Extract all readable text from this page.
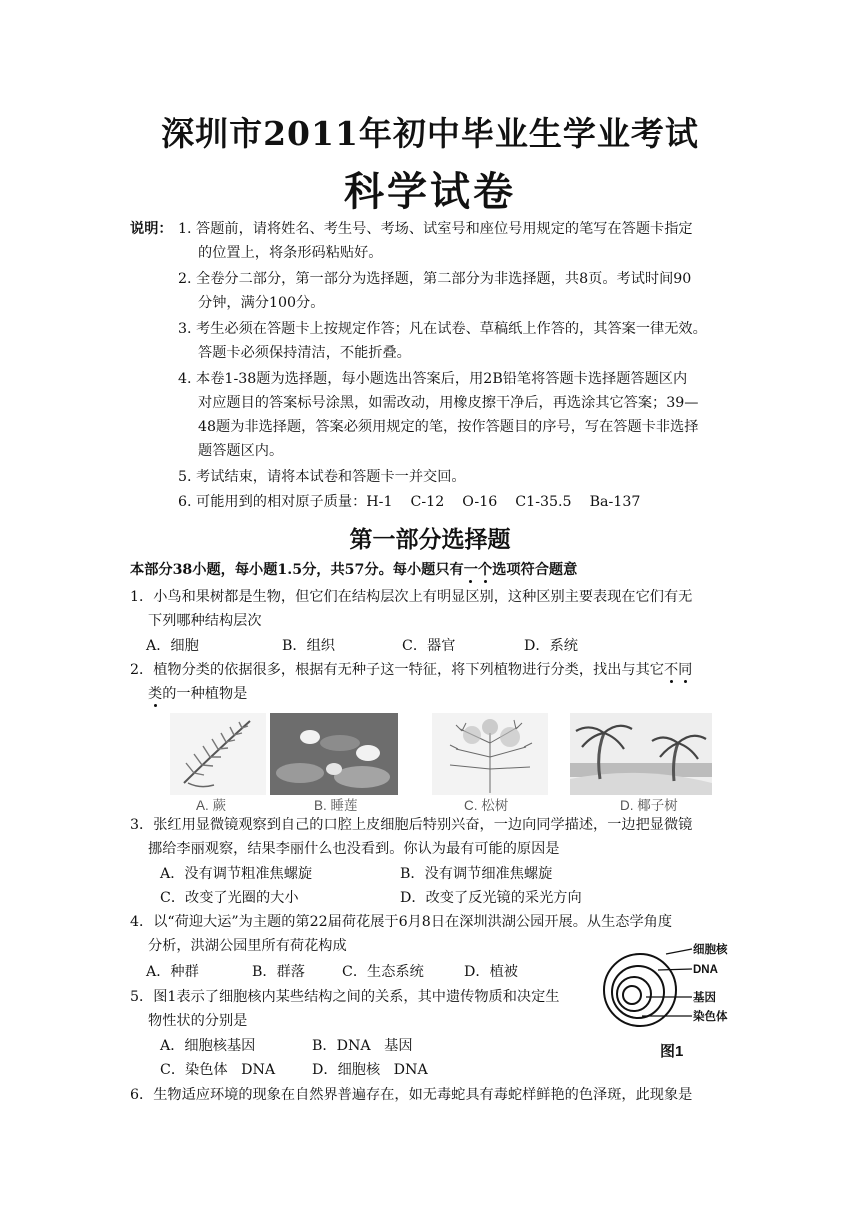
深圳市2011年初中毕业生学业考试
科学试卷
说明： 1. 答题前，请将姓名、考生号、考场、试室号和座位号用规定的笔写在答题卡指定
的位置上，将条形码粘贴好。
2. 全卷分二部分，第一部分为选择题，第二部分为非选择题，共8页。考试时间90
分钟，满分100分。
3. 考生必须在答题卡上按规定作答；凡在试卷、草稿纸上作答的，其答案一律无效。
答题卡必须保持清洁，不能折叠。
4. 本卷1-38题为选择题，每小题选出答案后，用2B铅笔将答题卡选择题答题区内
对应题目的答案标号涂黑，如需改动，用橡皮擦干净后，再选涂其它答案；39—
48题为非选择题，答案必须用规定的笔，按作答题目的序号，写在答题卡非选择
题答题区内。
5. 考试结束，请将本试卷和答题卡一并交回。
6. 可能用到的相对原子质量：H-1    C-12    O-16    C1-35.5    Ba-137
第一部分选择题
本部分38小题，每小题1.5分，共57分。每小题只有一个选项符合题意
1．小鸟和果树都是生物，但它们在结构层次上有明显区别，这种区别主要表现在它们有无
下列哪种结构层次
A．细胞	B．组织	C．器官	D．系统
2．植物分类的依据很多，根据有无种子这一特征，将下列植物进行分类，找出与其它不同
类的一种植物是
A. 蕨	B. 睡莲	C. 松树	D. 椰子树
3．张红用显微镜观察到自己的口腔上皮细胞后特别兴奋，一边向同学描述，一边把显微镜
挪给李丽观察，结果李丽什么也没看到。你认为最有可能的原因是
A．没有调节粗准焦螺旋	B．没有调节细准焦螺旋
C．改变了光圈的大小	D．改变了反光镜的采光方向
4．以“荷迎大运”为主题的第22届荷花展于6月8日在深圳洪湖公园开展。从生态学角度
分析，洪湖公园里所有荷花构成
A．种群	B．群落	C．生态系统	D．植被
5．图1表示了细胞核内某些结构之间的关系，其中遗传物质和决定生
物性状的分别是
A．细胞核基因	B．DNA   基因
C．染色体   DNA	D．细胞核   DNA
细胞核
DNA
基因
染色体
图1
6．生物适应环境的现象在自然界普遍存在，如无毒蛇具有毒蛇样鲜艳的色泽斑，此现象是
